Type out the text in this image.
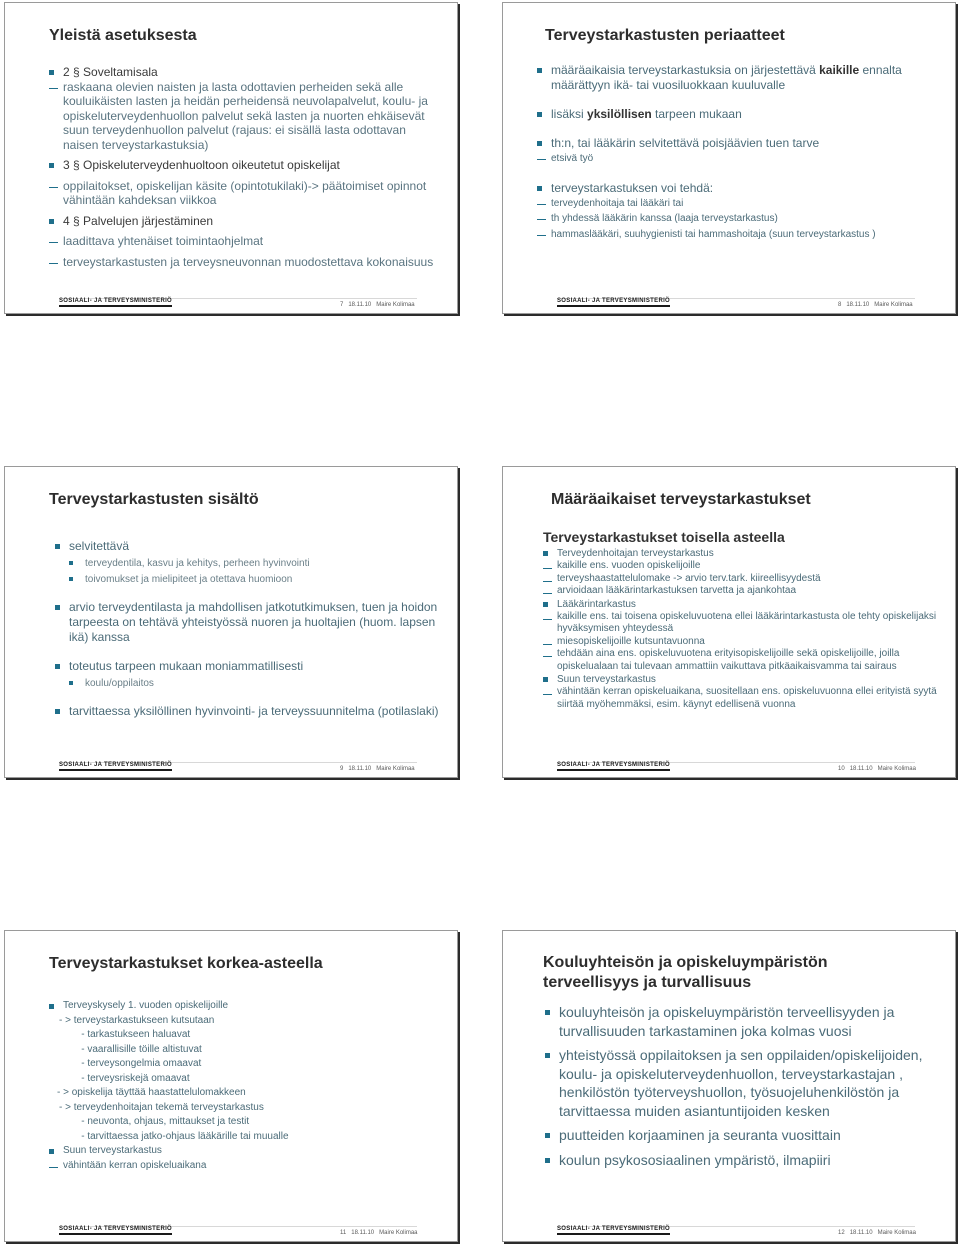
Yleistä asetuksesta

2 § Soveltamisala

raskaana olevien naisten ja lasta odottavien perheiden sekä alle kouluikäisten lasten ja heidän perheidensä neuvolapalvelut, koulu- ja opiskeluterveydenhuollon palvelut sekä lasten ja nuorten ehkäisevät suun terveydenhuollon palvelut (rajaus: ei sisällä lasta odottavan naisen terveystarkastuksia)

3 § Opiskeluterveydenhuoltoon oikeutetut opiskelijat

oppilaitokset, opiskelijan käsite (opintotukilaki)-> päätoimiset opinnot vähintään kahdeksan viikkoa

4 § Palvelujen järjestäminen

laadittava yhtenäiset toimintaohjelmat

terveystarkastusten ja terveysneuvonnan muodostettava kokonaisuus

SOSIAALI- JA TERVEYSMINISTERIÖ
7 18.11.10 Maire Kolimaa
Terveystarkastusten periaatteet

määräaikaisia terveystarkastuksia on järjestettävä kaikille ennalta määrättyyn ikä- tai vuosiluokkaan kuuluvalle

lisäksi yksilöllisen tarpeen mukaan

th:n, tai lääkärin selvitettävä poisjäävien tuen tarve

etsivä työ

terveystarkastuksen voi tehdä:

terveydenhoitaja tai lääkäri tai

th yhdessä lääkärin kanssa (laaja terveystarkastus)

hammaslääkäri, suuhygienisti tai hammashoitaja (suun terveystarkastus )

SOSIAALI- JA TERVEYSMINISTERIÖ
8 18.11.10 Maire Kolimaa
Terveystarkastusten sisältö

selvitettävä

terveydentila, kasvu ja kehitys, perheen hyvinvointi

toivomukset ja mielipiteet ja otettava huomioon

arvio terveydentilasta ja mahdollisen jatkotutkimuksen, tuen ja hoidon tarpeesta on tehtävä yhteistyössä nuoren ja huoltajien (huom. lapsen ikä) kanssa

toteutus tarpeen mukaan moniammatillisesti

koulu/oppilaitos

tarvittaessa yksilöllinen hyvinvointi- ja terveyssuunnitelma (potilaslaki)

SOSIAALI- JA TERVEYSMINISTERIÖ
9 18.11.10 Maire Kolimaa
Määräaikaiset terveystarkastukset

Terveystarkastukset toisella asteella

Terveydenhoitajan terveystarkastus

kaikille ens. vuoden opiskelijoille

terveyshaastattelulomake -> arvio terv.tark. kiireellisyydestä

arvioidaan lääkärintarkastuksen tarvetta ja ajankohtaa

Lääkärintarkastus

kaikille ens. tai toisena opiskeluvuotena ellei lääkärintarkastusta ole tehty opiskelijaksi hyväksymisen yhteydessä

miesopiskelijoille kutsuntavuonna

tehdään aina ens. opiskeluvuotena erityisopiskelijoille sekä opiskelijoille, joilla opiskelualaan tai tulevaan ammattiin vaikuttava pitkäaikaisvamma tai sairaus

Suun terveystarkastus

vähintään kerran opiskeluaikana, suositellaan ens. opiskeluvuonna ellei erityistä syytä siirtää myöhemmäksi, esim. käynyt edellisenä vuonna

SOSIAALI- JA TERVEYSMINISTERIÖ
10 18.11.10 Maire Kolimaa
Terveystarkastukset korkea-asteella

Terveyskysely 1. vuoden opiskelijoille

- > terveystarkastukseen kutsutaan

- tarkastukseen haluavat

- vaarallisille töille altistuvat

- terveysongelmia omaavat

- terveysriskejä omaavat

- > opiskelija täyttää haastattelulomakkeen

- > terveydenhoitajan tekemä terveystarkastus

- neuvonta, ohjaus, mittaukset ja testit

- tarvittaessa jatko-ohjaus lääkärille tai muualle

Suun terveystarkastus

vähintään kerran opiskeluaikana

SOSIAALI- JA TERVEYSMINISTERIÖ
11 18.11.10 Maire Kolimaa
Kouluyhteisön ja opiskeluympäristön terveellisyys ja turvallisuus

kouluyhteisön ja opiskeluympäristön terveellisyyden ja turvallisuuden tarkastaminen joka kolmas vuosi

yhteistyössä oppilaitoksen ja sen oppilaiden/opiskelijoiden, koulu- ja opiskeluterveydenhuollon, terveystarkastajan , henkilöstön työterveyshuollon, työsuojeluhenkilöstön ja tarvittaessa muiden asiantuntijoiden kesken

puutteiden korjaaminen ja seuranta vuosittain

koulun psykososiaalinen ympäristö, ilmapiiri

SOSIAALI- JA TERVEYSMINISTERIÖ
12 18.11.10 Maire Kolimaa
